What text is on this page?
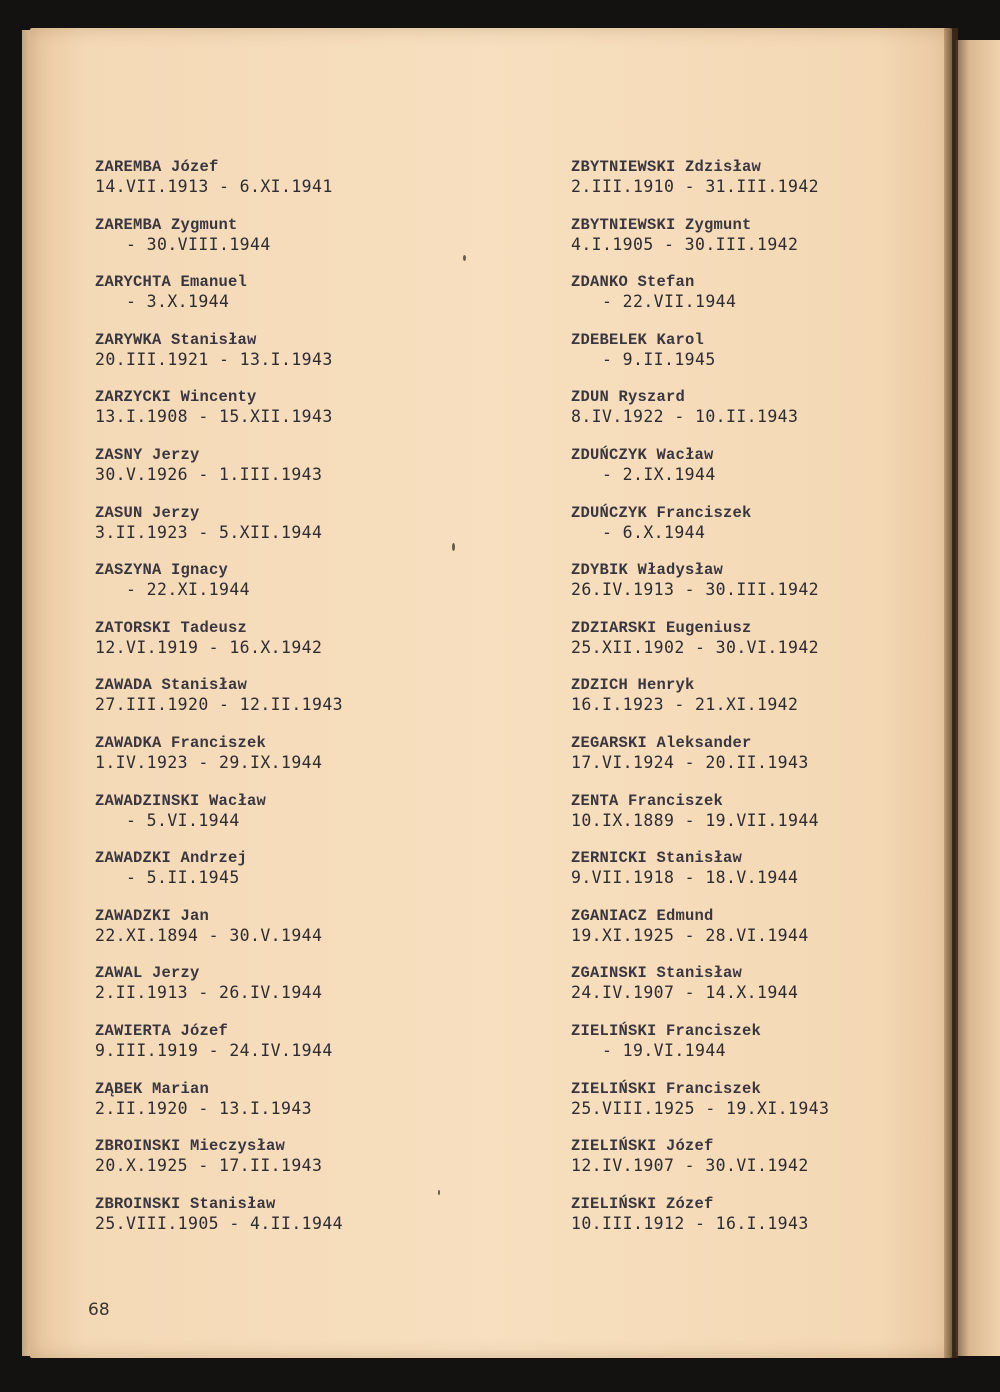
ZAREMBA Józef
14.VII.1913 - 6.XI.1941
ZAREMBA Zygmunt
- 30.VIII.1944
ZARYCHTA Emanuel
- 3.X.1944
ZARYWKA Stanisław
20.III.1921 - 13.I.1943
ZARZYCKI Wincenty
13.I.1908 - 15.XII.1943
ZASNY Jerzy
30.V.1926 - 1.III.1943
ZASUN Jerzy
3.II.1923 - 5.XII.1944
ZASZYNA Ignacy
- 22.XI.1944
ZATORSKI Tadeusz
12.VI.1919 - 16.X.1942
ZAWADA Stanisław
27.III.1920 - 12.II.1943
ZAWADKA Franciszek
1.IV.1923 - 29.IX.1944
ZAWADZINSKI Wacław
- 5.VI.1944
ZAWADZKI Andrzej
- 5.II.1945
ZAWADZKI Jan
22.XI.1894 - 30.V.1944
ZAWAL Jerzy
2.II.1913 - 26.IV.1944
ZAWIERTA Józef
9.III.1919 - 24.IV.1944
ZĄBEK Marian
2.II.1920 - 13.I.1943
ZBROINSKI Mieczysław
20.X.1925 - 17.II.1943
ZBROINSKI Stanisław
25.VIII.1905 - 4.II.1944
ZBYTNIEWSKI Zdzisław
2.III.1910 - 31.III.1942
ZBYTNIEWSKI Zygmunt
4.I.1905 - 30.III.1942
ZDANKO Stefan
- 22.VII.1944
ZDEBELEK Karol
- 9.II.1945
ZDUN Ryszard
8.IV.1922 - 10.II.1943
ZDUŃCZYK Wacław
- 2.IX.1944
ZDUŃCZYK Franciszek
- 6.X.1944
ZDYBIK Władysław
26.IV.1913 - 30.III.1942
ZDZIARSKI Eugeniusz
25.XII.1902 - 30.VI.1942
ZDZICH Henryk
16.I.1923 - 21.XI.1942
ZEGARSKI Aleksander
17.VI.1924 - 20.II.1943
ZENTA Franciszek
10.IX.1889 - 19.VII.1944
ZERNICKI Stanisław
9.VII.1918 - 18.V.1944
ZGANIACZ Edmund
19.XI.1925 - 28.VI.1944
ZGAINSKI Stanisław
24.IV.1907 - 14.X.1944
ZIELIŃSKI Franciszek
- 19.VI.1944
ZIELIŃSKI Franciszek
25.VIII.1925 - 19.XI.1943
ZIELIŃSKI Józef
12.IV.1907 - 30.VI.1942
ZIELIŃSKI Zózef
10.III.1912 - 16.I.1943
68
